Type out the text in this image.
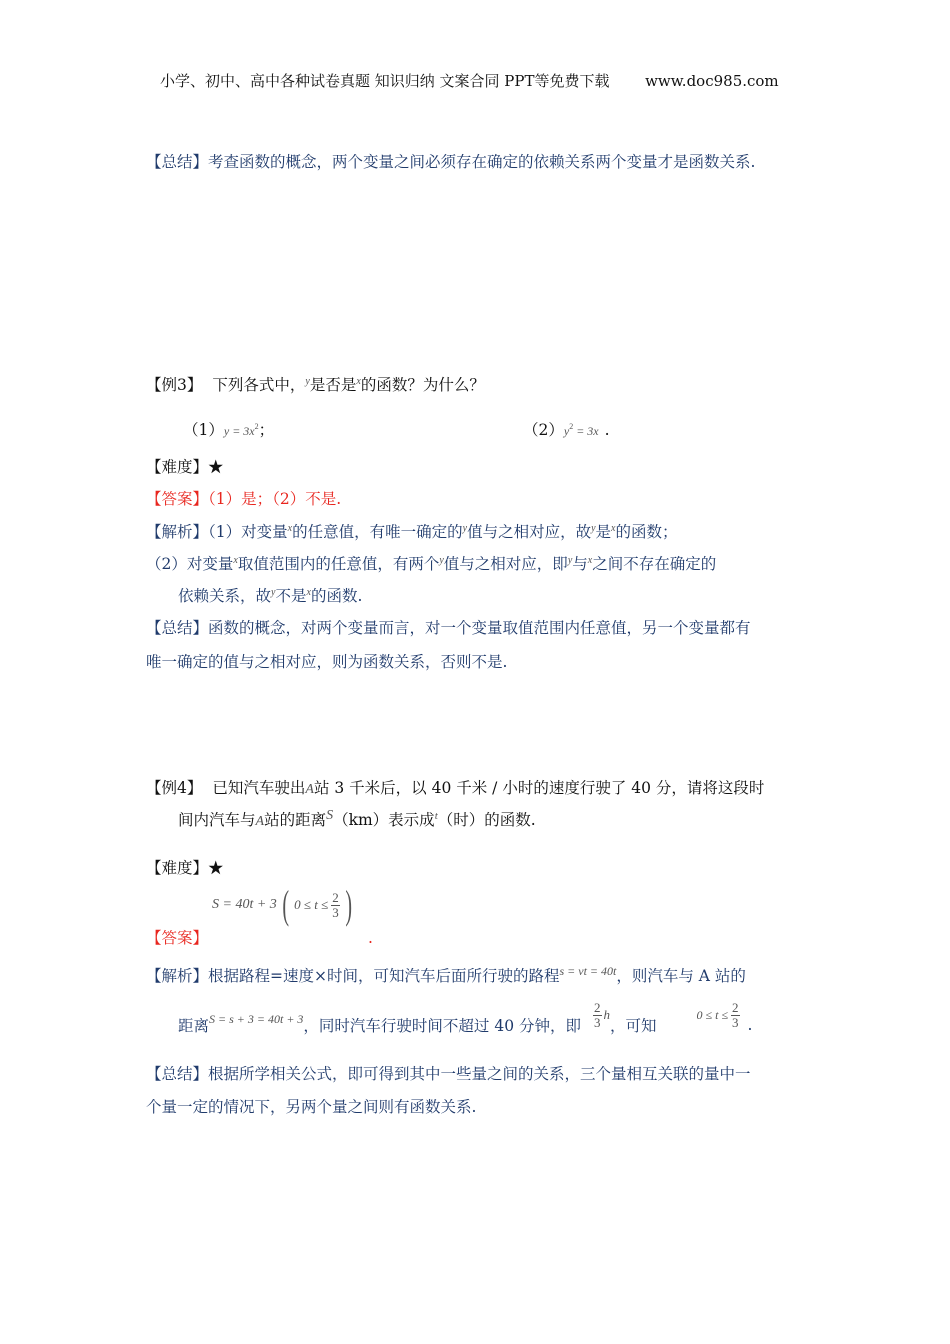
小学、初中、高中各种试卷真题 知识归纳 文案合同 PPT等免费下载 www.doc985.com
【总结】考查函数的概念，两个变量之间必须存在确定的依赖关系两个变量才是函数关系.
【例3】 下列各式中，$^y$是否是$^x$的函数？为什么？
$(1)y = 3x^2$；	$(2)y^2 = 3x$ .
【难度】★
【答案】（1）是；（2）不是.
【解析】（1）对变量$^x$的任意值，有唯一确定的$^y$值与之相对应，故$^y$是$^x$的函数；
（2）对变量$^x$取值范围内的任意值，有两个$^y$值与之相对应，即$^y$与$^x$之间不存在确定的
依赖关系，故$^y$不是$^x$的函数.
【总结】函数的概念，对两个变量而言，对一个变量取值范围内任意值，另一个变量都有
唯一确定的值与之相对应，则为函数关系，否则不是.
【例4】 已知汽车驶出A站 3 千米后，以 40 千米 / 小时的速度行驶了 40 分，请将这段时
间内汽车与A站的距离$^S$（km）表示成$^t$（时）的函数.
【难度】★
S = 40t + 3 ( $0 \le t \le \frac{2}{3}$ )
【答案】	.
【解析】根据路程=速度×时间，可知汽车后面所行驶的路程$^{s = vt = 40t}$，则汽车与 A 站的
距离 S = s + 3 = 40t + 3 ，同时汽车行驶时间不超过 40 分钟，即 $\frac{2}{3}$ h
，可知
$0 \le t \le \frac{2}{3}$ .
【总结】根据所学相关公式，即可得到其中一些量之间的关系，三个量相互关联的量中一
个量一定的情况下，另两个量之间则有函数关系.
